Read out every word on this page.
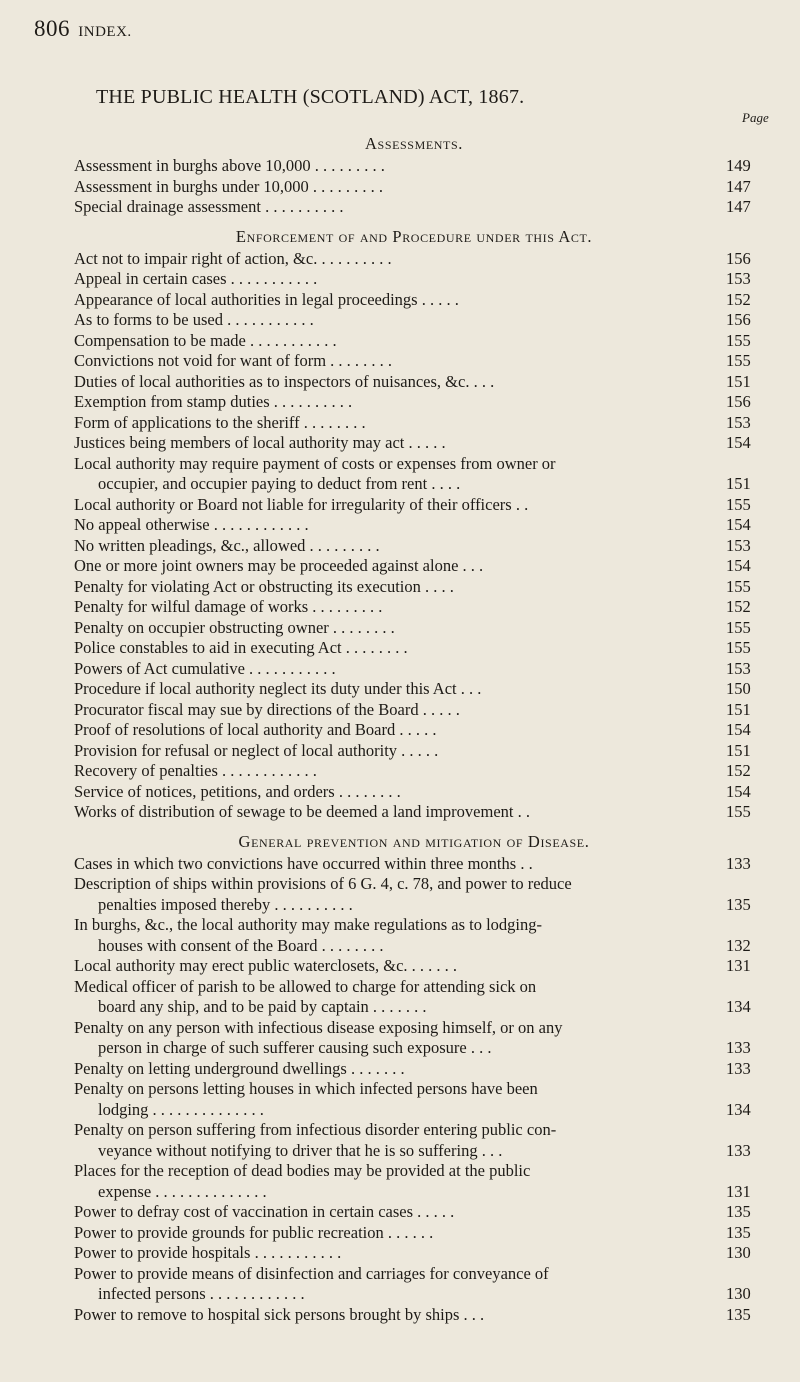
806 INDEX.
THE PUBLIC HEALTH (SCOTLAND) ACT, 1867.
Page
Assessments.
Assessment in burghs above 10,000 . . . . . . . . .	149
Assessment in burghs under 10,000 . . . . . . . . .	147
Special drainage assessment . . . . . . . . . .	147
Enforcement of and Procedure under this Act.
Act not to impair right of action, &c. . . . . . . . . .	156
Appeal in certain cases . . . . . . . . . . .	153
Appearance of local authorities in legal proceedings . . . . .	152
As to forms to be used . . . . . . . . . . .	156
Compensation to be made . . . . . . . . . . .	155
Convictions not void for want of form . . . . . . . .	155
Duties of local authorities as to inspectors of nuisances, &c. . . .	151
Exemption from stamp duties . . . . . . . . . .	156
Form of applications to the sheriff . . . . . . . .	153
Justices being members of local authority may act . . . . .	154
Local authority may require payment of costs or expenses from owner or
occupier, and occupier paying to deduct from rent . . . .	151
Local authority or Board not liable for irregularity of their officers . .	155
No appeal otherwise . . . . . . . . . . . .	154
No written pleadings, &c., allowed . . . . . . . . .	153
One or more joint owners may be proceeded against alone . . .	154
Penalty for violating Act or obstructing its execution . . . .	155
Penalty for wilful damage of works . . . . . . . . .	152
Penalty on occupier obstructing owner . . . . . . . .	155
Police constables to aid in executing Act . . . . . . . .	155
Powers of Act cumulative . . . . . . . . . . .	153
Procedure if local authority neglect its duty under this Act . . .	150
Procurator fiscal may sue by directions of the Board . . . . .	151
Proof of resolutions of local authority and Board . . . . .	154
Provision for refusal or neglect of local authority . . . . .	151
Recovery of penalties . . . . . . . . . . . .	152
Service of notices, petitions, and orders . . . . . . . .	154
Works of distribution of sewage to be deemed a land improvement . .	155
General prevention and mitigation of Disease.
Cases in which two convictions have occurred within three months . .	133
Description of ships within provisions of 6 G. 4, c. 78, and power to reduce
penalties imposed thereby . . . . . . . . . .	135
In burghs, &c., the local authority may make regulations as to lodging-
houses with consent of the Board . . . . . . . .	132
Local authority may erect public waterclosets, &c. . . . . . .	131
Medical officer of parish to be allowed to charge for attending sick on
board any ship, and to be paid by captain . . . . . . .	134
Penalty on any person with infectious disease exposing himself, or on any
person in charge of such sufferer causing such exposure . . .	133
Penalty on letting underground dwellings . . . . . . .	133
Penalty on persons letting houses in which infected persons have been
lodging . . . . . . . . . . . . . .	134
Penalty on person suffering from infectious disorder entering public con-
veyance without notifying to driver that he is so suffering . . .	133
Places for the reception of dead bodies may be provided at the public
expense . . . . . . . . . . . . . .	131
Power to defray cost of vaccination in certain cases . . . . .	135
Power to provide grounds for public recreation . . . . . .	135
Power to provide hospitals . . . . . . . . . . .	130
Power to provide means of disinfection and carriages for conveyance of
infected persons . . . . . . . . . . . .	130
Power to remove to hospital sick persons brought by ships . . .	135
